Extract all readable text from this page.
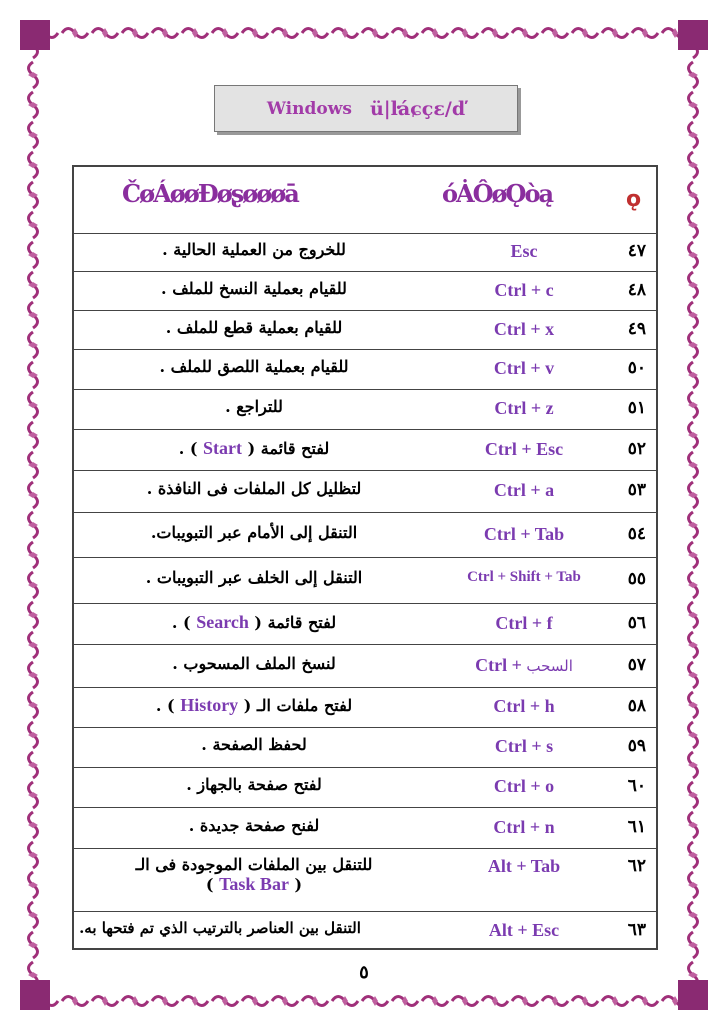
Windows ü|ŀáɕçɛ/ď
ČøÁøøĐøʂøøøā	óȦÔøǪòą	ǫ
٤٧
Esc
للخروج من العملية الحالية .
٤٨
Ctrl + c
للقيام بعملية النسخ للملف .
٤٩
Ctrl + x
للقيام بعملية قطع للملف .
٥٠
Ctrl + v
للقيام بعملية اللصق للملف .
٥١
Ctrl + z
للتراجع .
٥٢
Ctrl + Esc
لفتح قائمة ( Start ) .
٥٣
Ctrl + a
لتظليل كل الملفات فى النافذة .
٥٤
Ctrl + Tab
التنقل إلى الأمام عبر التبويبات.
٥٥
Ctrl + Shift + Tab
التنقل إلى الخلف عبر التبويبات .
٥٦
Ctrl + f
لفتح قائمة ( Search ) .
٥٧
Ctrl + السحب
لنسخ الملف المسحوب .
٥٨
Ctrl + h
لفتح ملفات الـ ( History ) .
٥٩
Ctrl + s
لحفظ الصفحة .
٦٠
Ctrl + o
لفتح صفحة بالجهاز .
٦١
Ctrl + n
لفنح صفحة جديدة .
٦٢
Alt + Tab
للتنقل بين الملفات الموجودة فى الـ
( Task Bar )
٦٣
Alt + Esc
التنقل بين العناصر بالترتيب الذي تم فتحها به.
٥
